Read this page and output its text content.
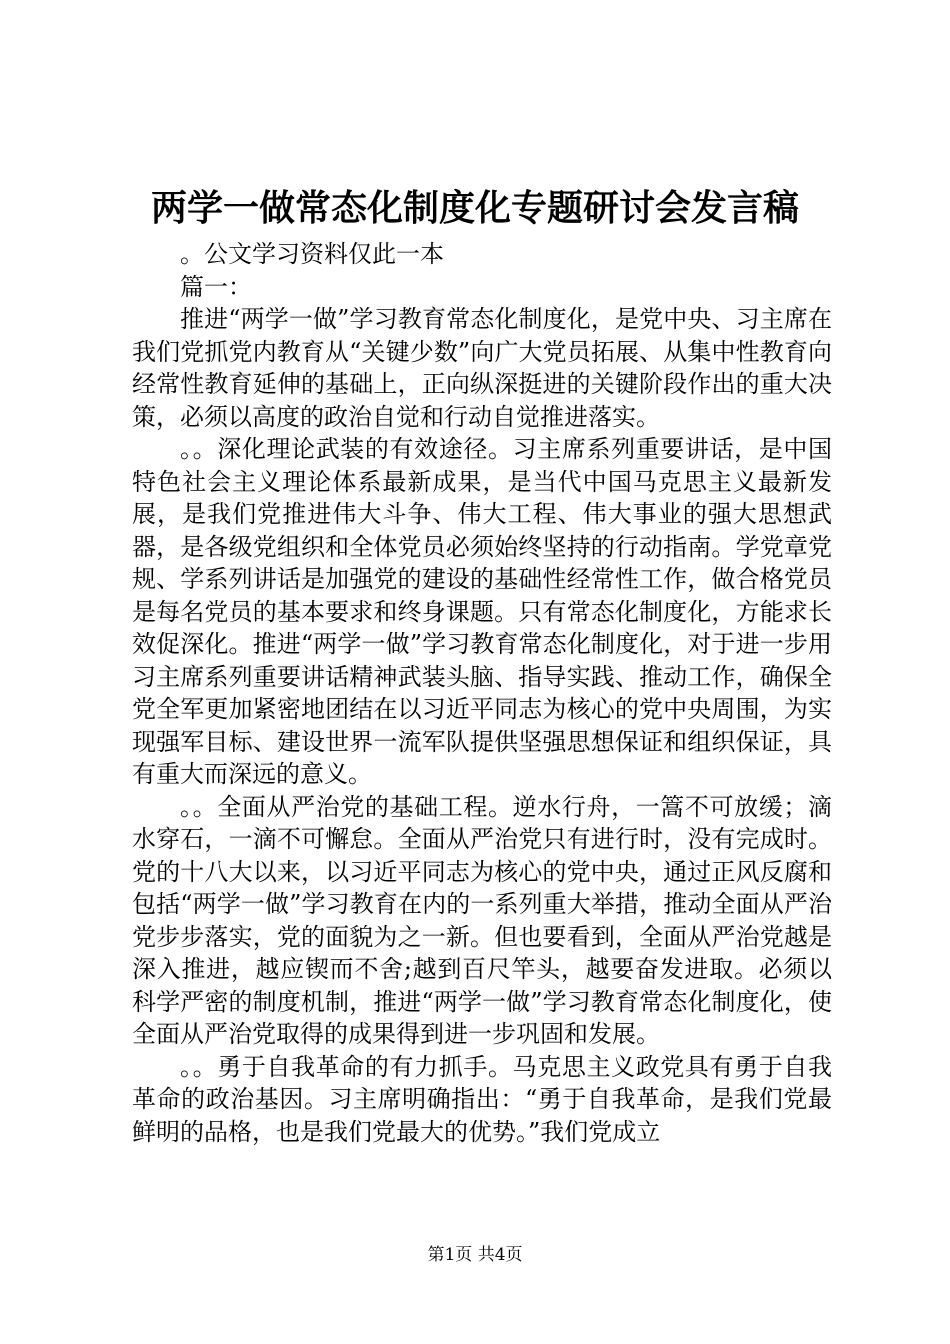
两学一做常态化制度化专题研讨会发言稿

。公文学习资料仅此一本

篇一：

推进“两学一做”学习教育常态化制度化，是党中央、习主席在我们党抓党内教育从“关键少数”向广大党员拓展、从集中性教育向经常性教育延伸的基础上，正向纵深挺进的关键阶段作出的重大决策，必须以高度的政治自觉和行动自觉推进落实。

。。深化理论武装的有效途径。习主席系列重要讲话，是中国特色社会主义理论体系最新成果，是当代中国马克思主义最新发展，是我们党推进伟大斗争、伟大工程、伟大事业的强大思想武器，是各级党组织和全体党员必须始终坚持的行动指南。学党章党规、学系列讲话是加强党的建设的基础性经常性工作，做合格党员是每名党员的基本要求和终身课题。只有常态化制度化，方能求长效促深化。推进“两学一做”学习教育常态化制度化，对于进一步用习主席系列重要讲话精神武装头脑、指导实践、推动工作，确保全党全军更加紧密地团结在以习近平同志为核心的党中央周围，为实现强军目标、建设世界一流军队提供坚强思想保证和组织保证，具有重大而深远的意义。

。。全面从严治党的基础工程。逆水行舟，一篙不可放缓；滴水穿石，一滴不可懈怠。全面从严治党只有进行时，没有完成时。党的十八大以来，以习近平同志为核心的党中央，通过正风反腐和包括“两学一做”学习教育在内的一系列重大举措，推动全面从严治党步步落实，党的面貌为之一新。但也要看到，全面从严治党越是深入推进，越应锲而不舍;越到百尺竿头，越要奋发进取。必须以科学严密的制度机制，推进“两学一做”学习教育常态化制度化，使全面从严治党取得的成果得到进一步巩固和发展。

。。勇于自我革命的有力抓手。马克思主义政党具有勇于自我革命的政治基因。习主席明确指出：“勇于自我革命，是我们党最鲜明的品格，也是我们党最大的优势。”我们党成立

第1页 共4页
